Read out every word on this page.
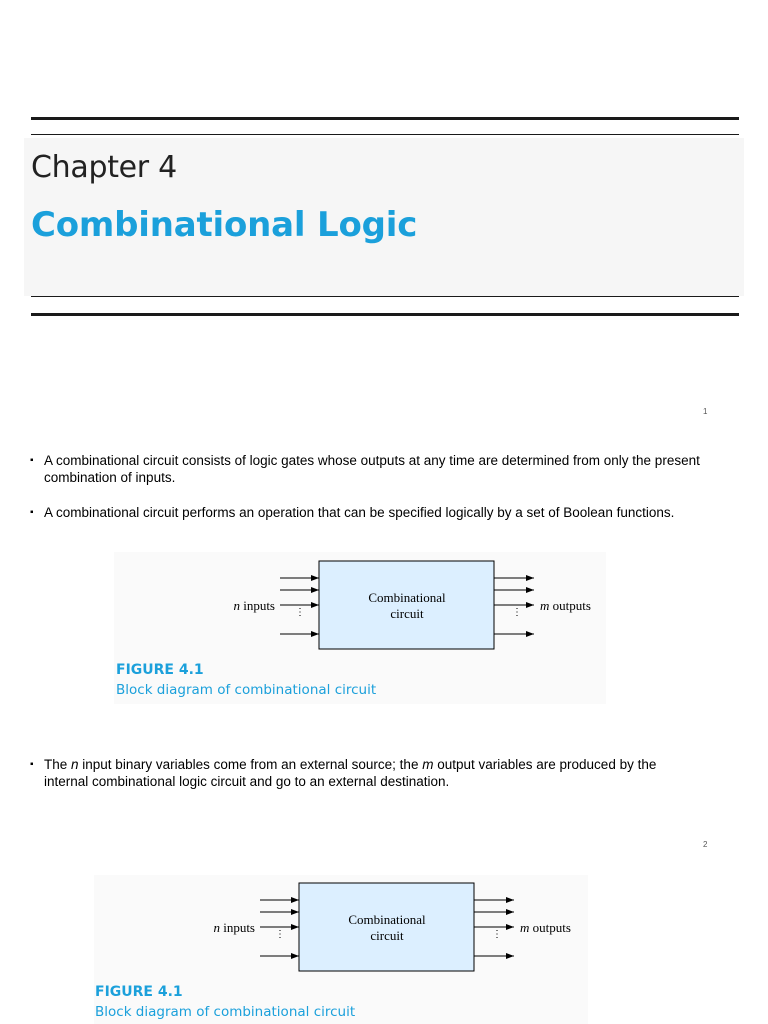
Chapter 4
Combinational Logic
1
▪ A combinational circuit consists of logic gates whose outputs at any time are determined from only the present combination of inputs.
▪ A combinational circuit performs an operation that can be specified logically by a set of Boolean functions.
⋮	⋮
n inputs	m outputs
Combinational
circuit
FIGURE 4.1
Block diagram of combinational circuit
▪ The n input binary variables come from an external source; the m output variables are produced by the internal combinational logic circuit and go to an external destination.
2
⋮	⋮
n inputs	m outputs
Combinational
circuit
FIGURE 4.1
Block diagram of combinational circuit
